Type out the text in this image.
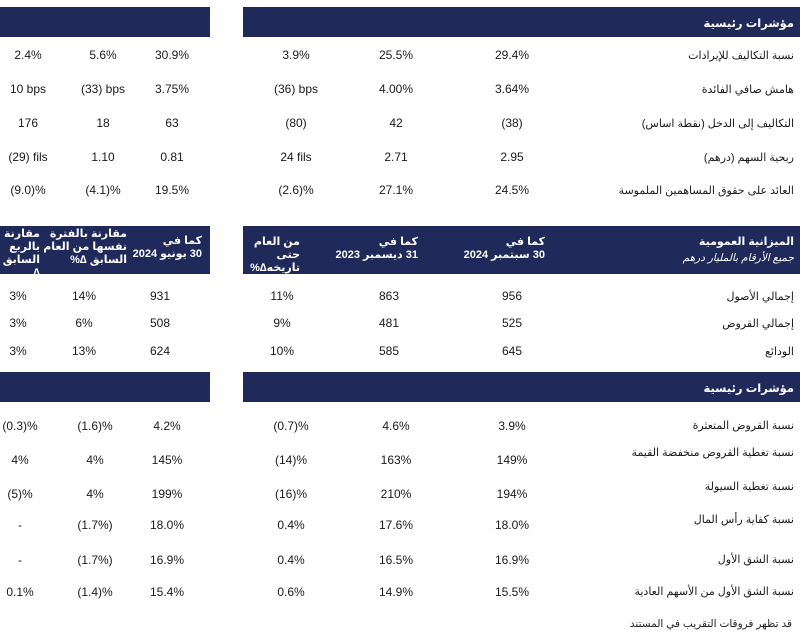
مؤشرات رئيسية
نسبة التكاليف للإيرادات
29.4%
25.5%
3.9%
30.9%
5.6%
2.4%
هامش صافي الفائدة
3.64%
4.00%
(36) bps
3.75%
(33) bps
10 bps
التكاليف إلى الدخل (نقطة اساس)
(38)
42
(80)
63
18
176
ربحية السهم (درهم)
2.95
2.71
24 fils
0.81
1.10
(29) fils
العائد على حقوق المساهمين الملموسة
24.5%
27.1%
(2.6)%
19.5%
(4.1)%
(9.0)%
كما في
30 يونيو 2024
مقارنة بالفترة
نفسها من العام
السابق ∆%
مقارنة
بالربع
السابق ∆
الميزانية العمومية
جميع الأرقام بالمليار درهم
كما في
30 سبتمبر 2024
كما في
31 ديسمبر 2023
من العام حتى
تاريخه∆%
إجمالي الأصول
956
863
11%
931
14%
3%
إجمالي القروض
525
481
9%
508
6%
3%
الودائع
645
585
10%
624
13%
3%
مؤشرات رئيسية
نسبة القروض المتعثرة
3.9%
4.6%
(0.7)%
4.2%
(1.6)%
(0.3)%
نسبة تغطية القروض منخفضة القيمة
149%
163%
(14)%
145%
4%
4%
نسبة تغطية السيولة
194%
210%
(16)%
199%
4%
(5)%
نسبة كفاية رأس المال
18.0%
17.6%
0.4%
18.0%
(1.7%)
-
نسبة الشق الأول
16.9%
16.5%
0.4%
16.9%
(1.7%)
-
نسبة الشق الأول من الأسهم العادية
15.5%
14.9%
0.6%
15.4%
(1.4)%
0.1%
قد تظهر فروقات التقريب في المستند
